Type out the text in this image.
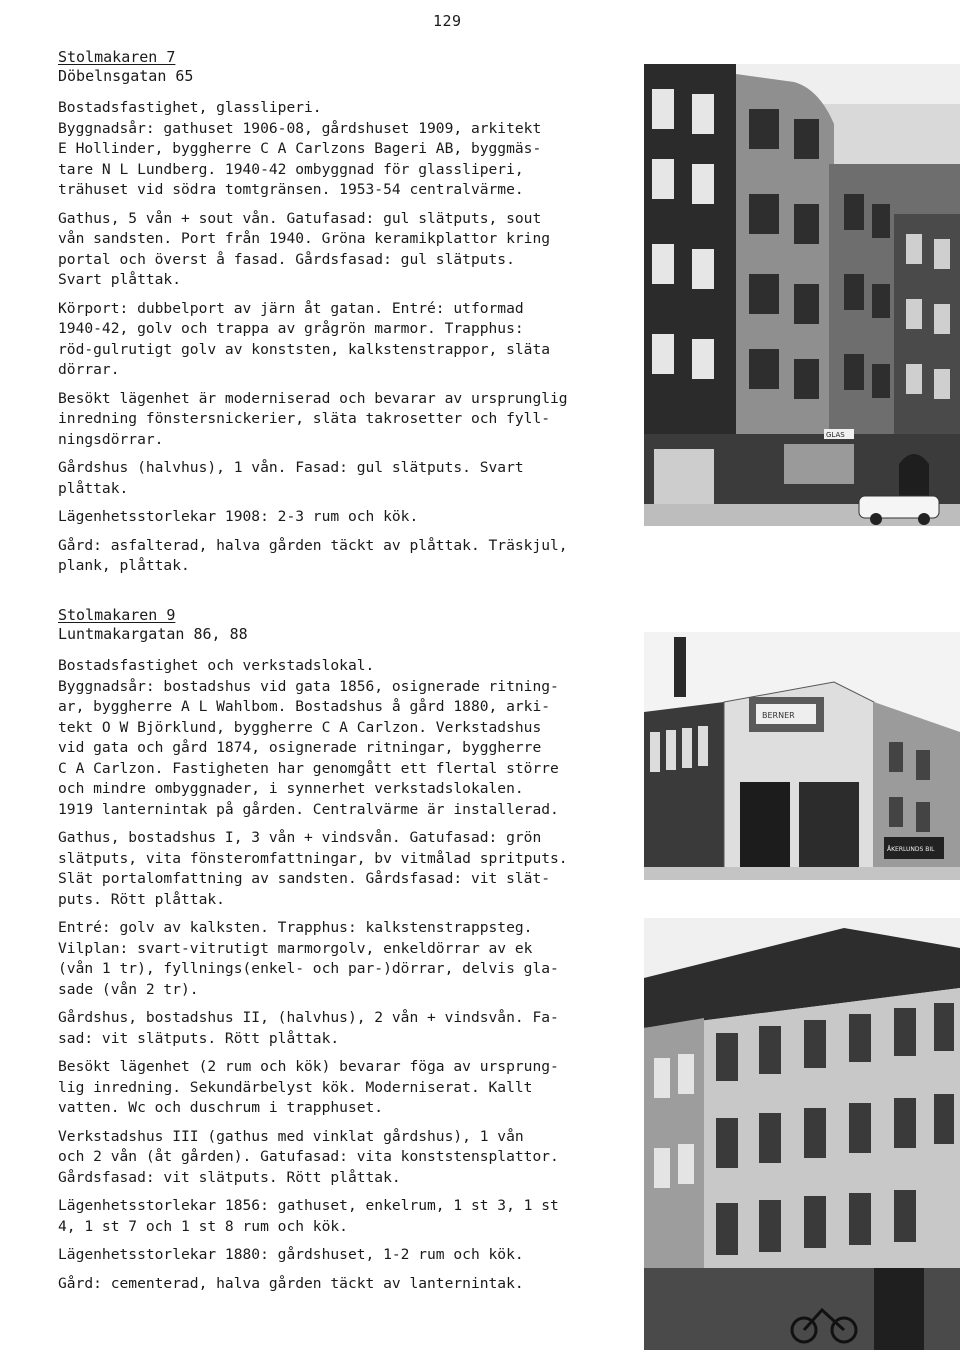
129
Stolmakaren 7
Döbelnsgatan 65
Bostadsfastighet, glassliperi.
Byggnadsår: gathuset 1906-08, gårdshuset 1909, arkitekt
E Hollinder, byggherre C A Carlzons Bageri AB, byggmäs-
tare N L Lundberg. 1940-42 ombyggnad för glassliperi,
trähuset vid södra tomtgränsen. 1953-54 centralvärme.
Gathus, 5 vån + sout vån. Gatufasad: gul slätputs, sout
vån sandsten. Port från 1940. Gröna keramikplattor kring
portal och överst å fasad. Gårdsfasad: gul slätputs.
Svart plåttak.
Körport: dubbelport av järn åt gatan. Entré: utformad
1940-42, golv och trappa av grågrön marmor. Trapphus:
röd-gulrutigt golv av konststen, kalkstenstrappor, släta
dörrar.
Besökt lägenhet är moderniserad och bevarar av ursprunglig
inredning fönstersnickerier, släta takrosetter och fyll-
ningsdörrar.
Gårdshus (halvhus), 1 vån. Fasad: gul slätputs. Svart
plåttak.
Lägenhetsstorlekar 1908: 2-3 rum och kök.
Gård: asfalterad, halva gården täckt av plåttak. Träskjul,
plank, plåttak.
Stolmakaren 9
Luntmakargatan 86, 88
Bostadsfastighet och verkstadslokal.
Byggnadsår: bostadshus vid gata 1856, osignerade ritning-
ar, byggherre A L Wahlbom. Bostadshus å gård 1880, arki-
tekt O W Björklund, byggherre C A Carlzon. Verkstadshus
vid gata och gård 1874, osignerade ritningar, byggherre
C A Carlzon. Fastigheten har genomgått ett flertal större
och mindre ombyggnader, i synnerhet verkstadslokalen.
1919 lanternintak på gården. Centralvärme är installerad.
Gathus, bostadshus I, 3 vån + vindsvån. Gatufasad: grön
slätputs, vita fönsteromfattningar, bv vitmålad spritputs.
Slät portalomfattning av sandsten. Gårdsfasad: vit slät-
puts. Rött plåttak.
Entré: golv av kalksten. Trapphus: kalkstenstrappsteg.
Vilplan: svart-vitrutigt marmorgolv, enkeldörrar av ek
(vån 1 tr), fyllnings(enkel- och par-)dörrar, delvis gla-
sade (vån 2 tr).
Gårdshus, bostadshus II, (halvhus), 2 vån + vindsvån. Fa-
sad: vit slätputs. Rött plåttak.
Besökt lägenhet (2 rum och kök) bevarar föga av ursprung-
lig inredning. Sekundärbelyst kök. Moderniserat. Kallt
vatten. Wc och duschrum i trapphuset.
Verkstadshus III (gathus med vinklat gårdshus), 1 vån
och 2 vån (åt gården). Gatufasad: vita konststensplattor.
Gårdsfasad: vit slätputs. Rött plåttak.
Lägenhetsstorlekar 1856: gathuset, enkelrum, 1 st 3, 1 st
4, 1 st 7 och 1 st 8 rum och kök.
Lägenhetsstorlekar 1880: gårdshuset, 1-2 rum och kök.
Gård: cementerad, halva gården täckt av lanternintak.
GLAS
BERNER
ÅKERLUNDS BIL
